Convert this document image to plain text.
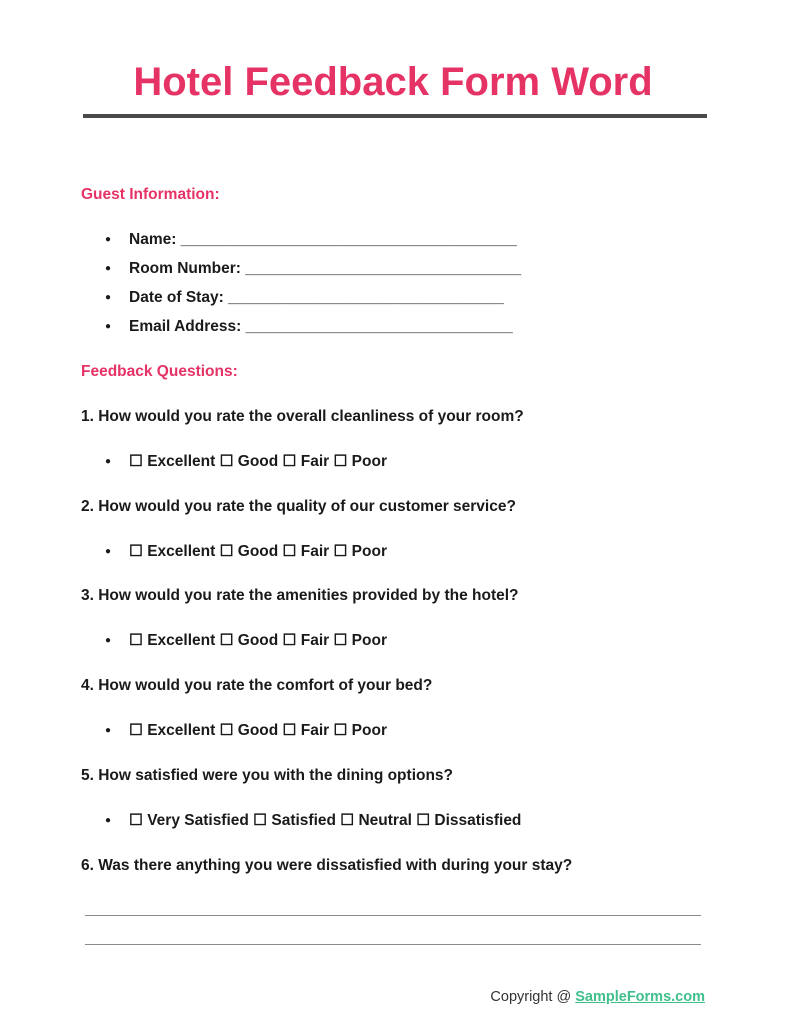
Hotel Feedback Form Word
Guest Information:
●	Name: _______________________________________
●	Room Number: ________________________________
●	Date of Stay: ________________________________
●	Email Address: _______________________________
Feedback Questions:

1. How would you rate the overall cleanliness of your room?

●	☐ Excellent ☐ Good ☐ Fair ☐ Poor

2. How would you rate the quality of our customer service?

●	☐ Excellent ☐ Good ☐ Fair ☐ Poor

3. How would you rate the amenities provided by the hotel?

●	☐ Excellent ☐ Good ☐ Fair ☐ Poor

4. How would you rate the comfort of your bed?

●	☐ Excellent ☐ Good ☐ Fair ☐ Poor

5. How satisfied were you with the dining options?

●	☐ Very Satisfied ☐ Satisfied ☐ Neutral ☐ Dissatisfied

6. Was there anything you were dissatisfied with during your stay?

Copyright @ SampleForms.com
